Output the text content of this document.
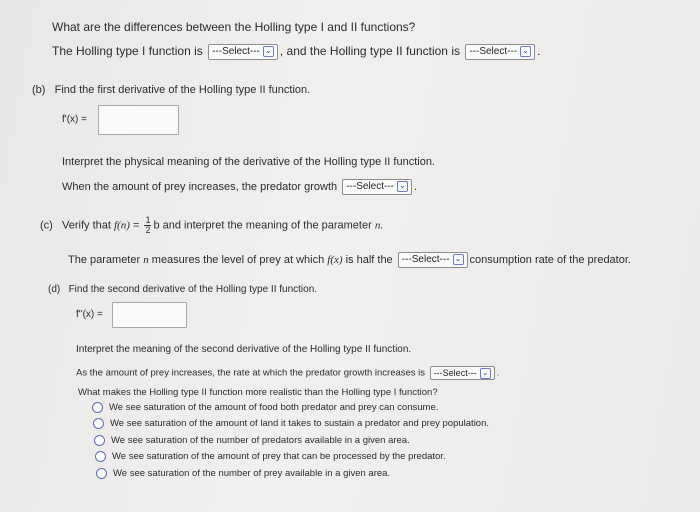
What are the differences between the Holling type I and II functions?
The Holling type I function is ---Select--- ⌄ , and the Holling type II function is ---Select--- ⌄ .
(b) Find the first derivative of the Holling type II function.
f'(x) =
Interpret the physical meaning of the derivative of the Holling type II function.
When the amount of prey increases, the predator growth ---Select--- ⌄ .
(c) Verify that $f(n) = \frac{1}{2}$ b and interpret the meaning of the parameter n.
The parameter n measures the level of prey at which f(x) is half the ---Select--- ⌄ consumption rate of the predator.
(d) Find the second derivative of the Holling type II function.
f''(x) =
Interpret the meaning of the second derivative of the Holling type II function.
As the amount of prey increases, the rate at which the predator growth increases is ---Select--- ⌄ .
What makes the Holling type II function more realistic than the Holling type I function?
We see saturation of the amount of food both predator and prey can consume.
We see saturation of the amount of land it takes to sustain a predator and prey population.
We see saturation of the number of predators available in a given area.
We see saturation of the amount of prey that can be processed by the predator.
We see saturation of the number of prey available in a given area.
